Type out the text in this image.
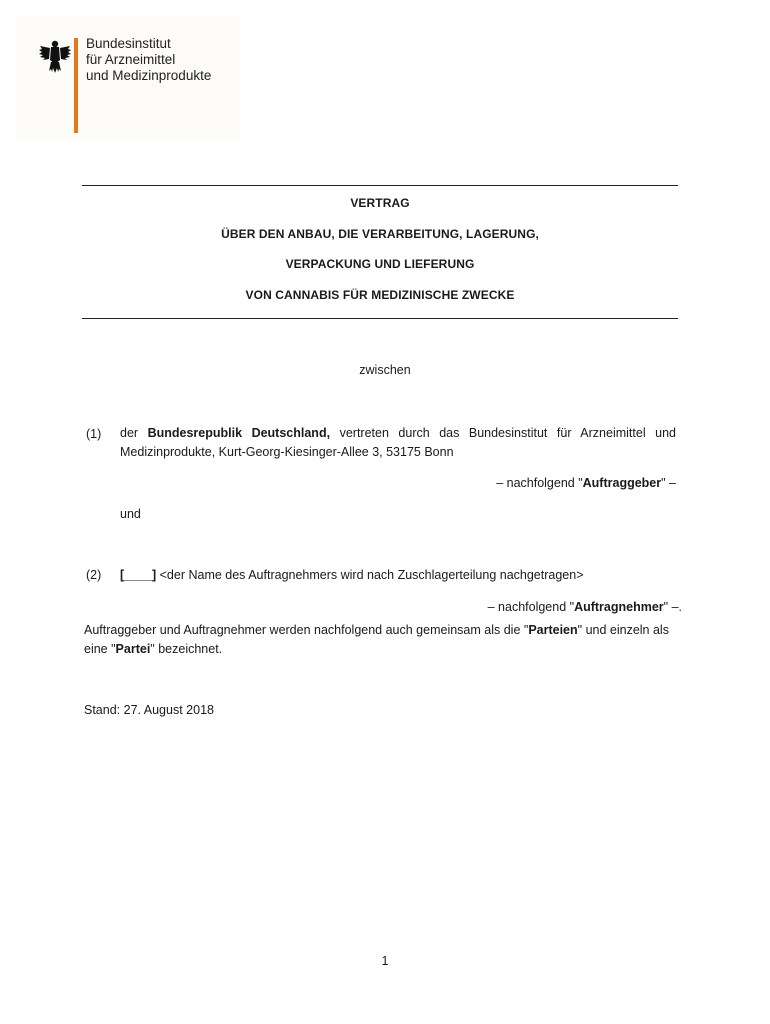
Bundesinstitut
für Arzneimittel
und Medizinprodukte
VERTRAG
ÜBER DEN ANBAU, DIE VERARBEITUNG, LAGERUNG,
VERPACKUNG UND LIEFERUNG
VON CANNABIS FÜR MEDIZINISCHE ZWECKE
zwischen
(1) der Bundesrepublik Deutschland, vertreten durch das Bundesinstitut für Arzneimittel und Medizinprodukte, Kurt-Georg-Kiesinger-Allee 3, 53175 Bonn
– nachfolgend "Auftraggeber" –
und
(2) [____] <der Name des Auftragnehmers wird nach Zuschlagerteilung nachgetragen>
– nachfolgend "Auftragnehmer" –.
Auftraggeber und Auftragnehmer werden nachfolgend auch gemeinsam als die "Parteien" und einzeln als eine "Partei" bezeichnet.
Stand: 27. August 2018
1
